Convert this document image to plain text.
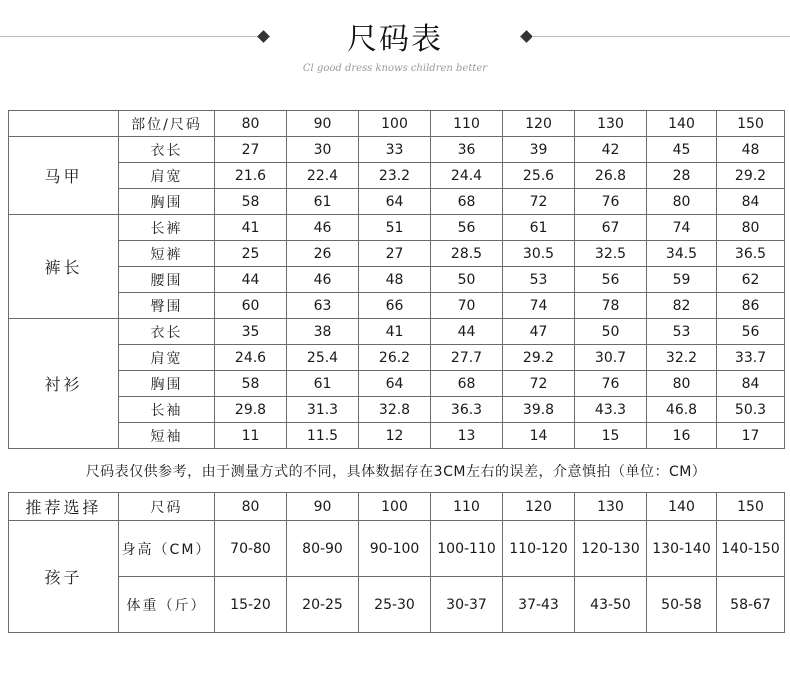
尺码表
Cl good dress knows children better
	部位/尺码	80	90	100	110	120	130	140	150
马甲	衣长	27	30	33	36	39	42	45	48
	肩宽	21.6	22.4	23.2	24.4	25.6	26.8	28	29.2
	胸围	58	61	64	68	72	76	80	84
裤长	长裤	41	46	51	56	61	67	74	80
	短裤	25	26	27	28.5	30.5	32.5	34.5	36.5
	腰围	44	46	48	50	53	56	59	62
	臀围	60	63	66	70	74	78	82	86
衬衫	衣长	35	38	41	44	47	50	53	56
	肩宽	24.6	25.4	26.2	27.7	29.2	30.7	32.2	33.7
	胸围	58	61	64	68	72	76	80	84
	长袖	29.8	31.3	32.8	36.3	39.8	43.3	46.8	50.3
	短袖	11	11.5	12	13	14	15	16	17
尺码表仅供参考，由于测量方式的不同，具体数据存在3CM左右的误差，介意慎拍（单位：CM）
推荐选择	尺码	80	90	100	110	120	130	140	150
孩子	身高（CM）	70-80	80-90	90-100	100-110	110-120	120-130	130-140	140-150
	体重（斤）	15-20	20-25	25-30	30-37	37-43	43-50	50-58	58-67
